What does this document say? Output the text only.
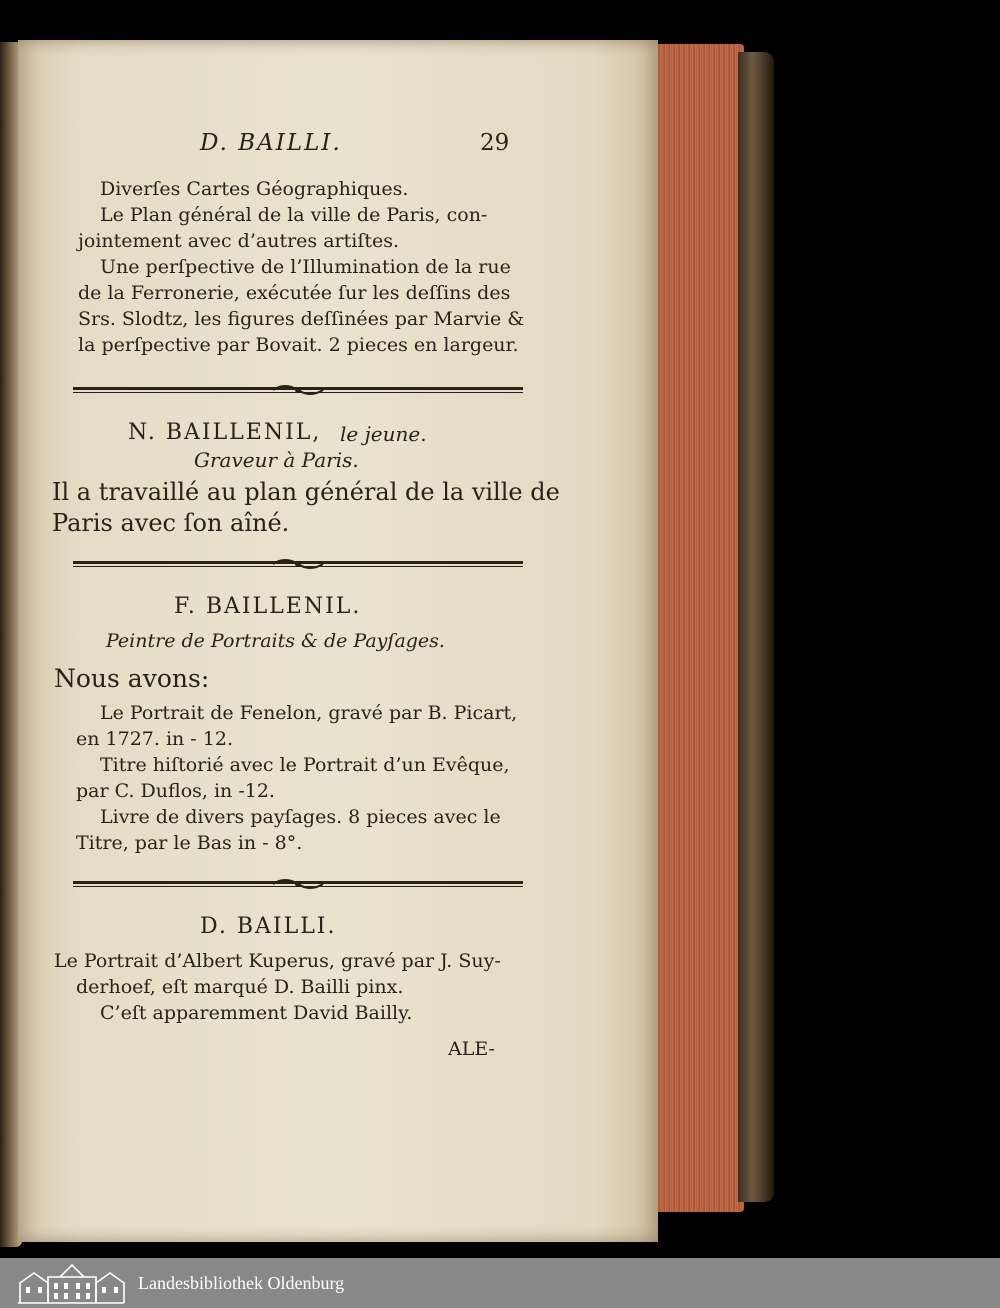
D. BAILLI.	29
Diverſes Cartes Géographiques.
Le Plan général de la ville de Paris, con-
jointement avec d’autres artiſtes.
Une perſpective de l’Illumination de la rue
de la Ferronerie, exécutée ſur les deſſins des
Srs. Slodtz, les figures deſſinées par Marvie &
la perſpective par Bovait. 2 pieces en largeur.
N. BAILLENIL, le jeune.
Graveur à Paris.
Il a travaillé au plan général de la ville de
Paris avec ſon aîné.
F. BAILLENIL.
Peintre de Portraits & de Payſages.
Nous avons:
Le Portrait de Fenelon, gravé par B. Picart,
en 1727. in - 12.
Titre hiſtorié avec le Portrait d’un Evêque,
par C. Duflos, in -12.
Livre de divers payſages. 8 pieces avec le
Titre, par le Bas in - 8°.
D. BAILLI.
Le Portrait d’Albert Kuperus, gravé par J. Suy-
derhoef, eſt marqué D. Bailli pinx.
C’eſt apparemment David Bailly.
ALE-
Landesbibliothek Oldenburg
